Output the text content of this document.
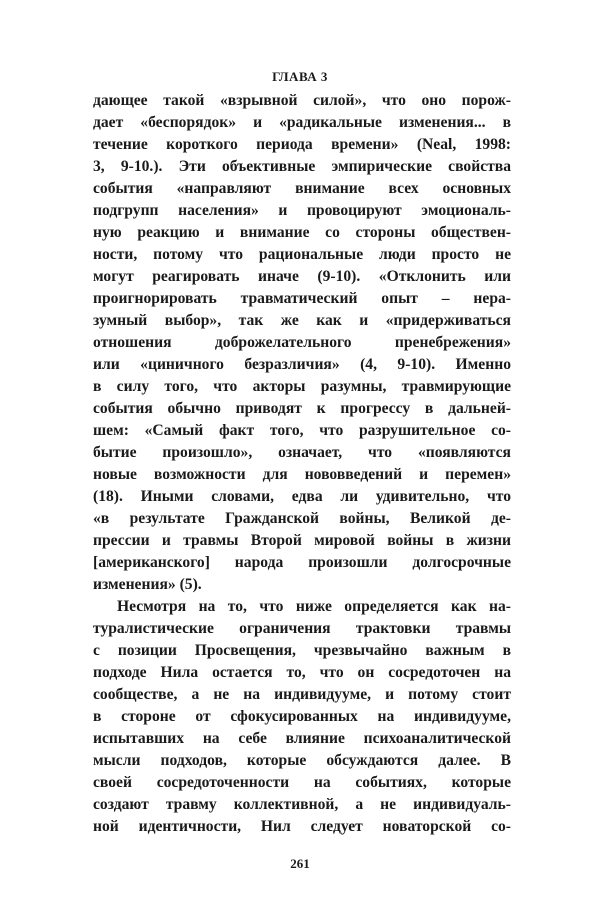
ГЛАВА 3
дающее такой «взрывной силой», что оно порож-
дает «беспорядок» и «радикальные изменения... в
течение короткого периода времени» (Neal, 1998:
3, 9-10.). Эти объективные эмпирические свойства
события «направляют внимание всех основных
подгрупп населения» и провоцируют эмоциональ-
ную реакцию и внимание со стороны обществен-
ности, потому что рациональные люди просто не
могут реагировать иначе (9-10). «Отклонить или
проигнорировать травматический опыт – нера-
зумный выбор», так же как и «придерживаться
отношения доброжелательного пренебрежения»
или «циничного безразличия» (4, 9-10). Именно
в силу того, что акторы разумны, травмирующие
события обычно приводят к прогрессу в дальней-
шем: «Самый факт того, что разрушительное со-
бытие произошло», означает, что «появляются
новые возможности для нововведений и перемен»
(18). Иными словами, едва ли удивительно, что
«в результате Гражданской войны, Великой де-
прессии и травмы Второй мировой войны в жизни
[американского] народа произошли долгосрочные
изменения» (5).
Несмотря на то, что ниже определяется как на-
туралистические ограничения трактовки травмы
с позиции Просвещения, чрезвычайно важным в
подходе Нила остается то, что он сосредоточен на
сообществе, а не на индивидууме, и потому стоит
в стороне от сфокусированных на индивидууме,
испытавших на себе влияние психоаналитической
мысли подходов, которые обсуждаются далее. В
своей сосредоточенности на событиях, которые
создают травму коллективной, а не индивидуаль-
ной идентичности, Нил следует новаторской со-
261
